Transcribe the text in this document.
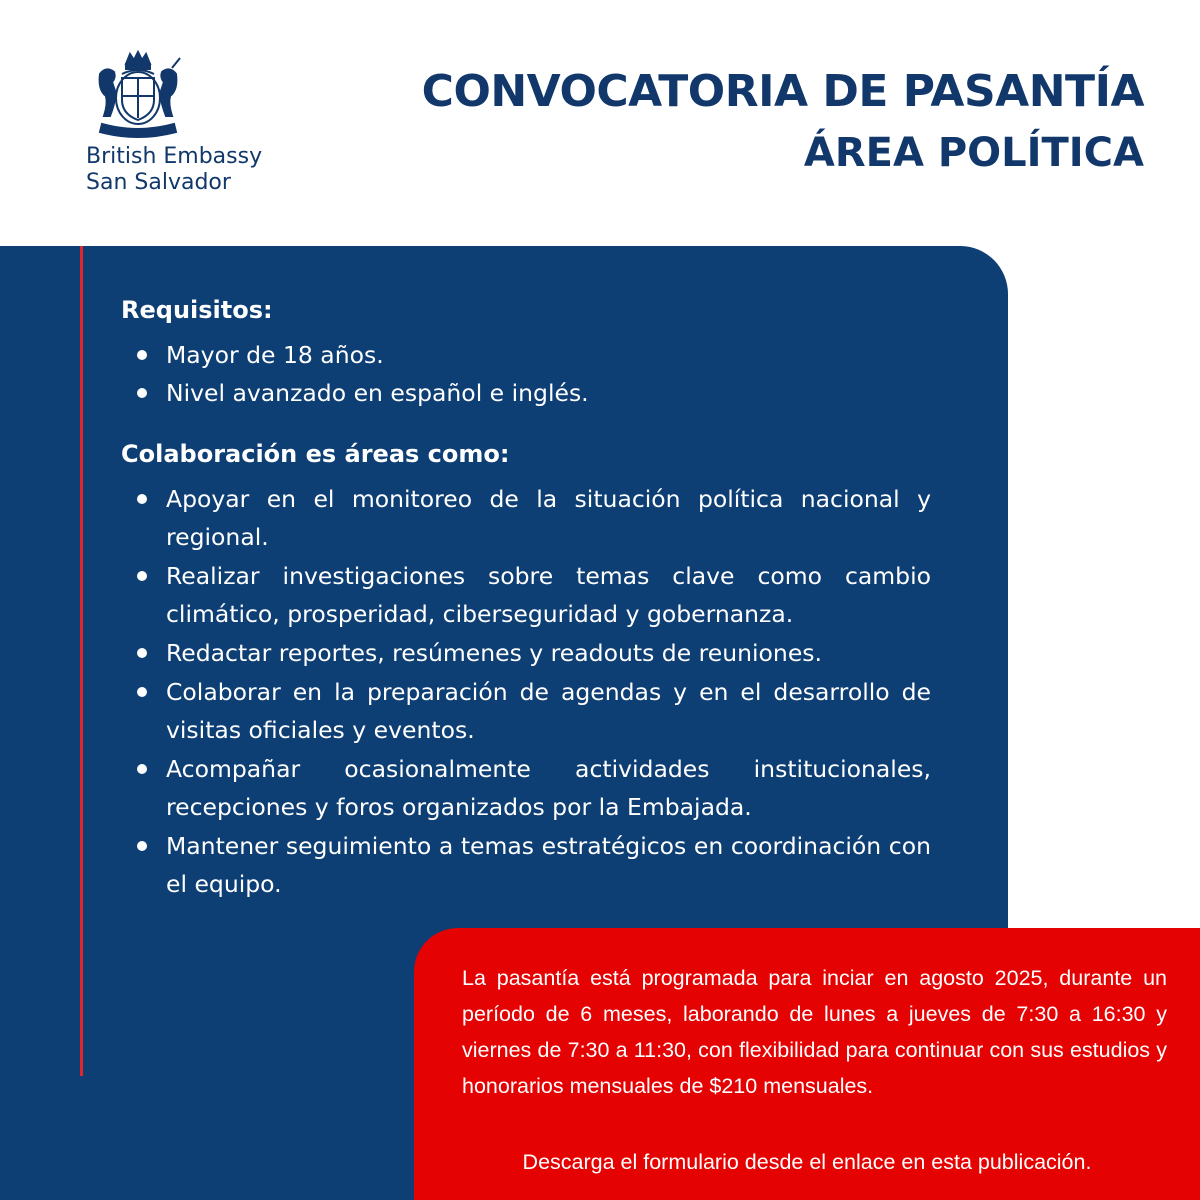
British Embassy
San Salvador
CONVOCATORIA DE PASANTÍA
ÁREA POLÍTICA
Requisitos:
Mayor de 18 años.
Nivel avanzado en español e inglés.
Colaboración es áreas como:
Apoyar en el monitoreo de la situación política nacional y regional.
Realizar investigaciones sobre temas clave como cambio climático, prosperidad, ciberseguridad y gobernanza.
Redactar reportes, resúmenes y readouts de reuniones.
Colaborar en la preparación de agendas y en el desarrollo de visitas oficiales y eventos.
Acompañar ocasionalmente actividades institucionales, recepciones y foros organizados por la Embajada.
Mantener seguimiento a temas estratégicos en coordinación con el equipo.
La pasantía está programada para inciar en agosto 2025, durante un período de 6 meses, laborando de lunes a jueves de 7:30 a 16:30 y viernes de 7:30 a 11:30, con flexibilidad para continuar con sus estudios y honorarios mensuales de $210 mensuales.
Descarga el formulario desde el enlace en esta publicación.
